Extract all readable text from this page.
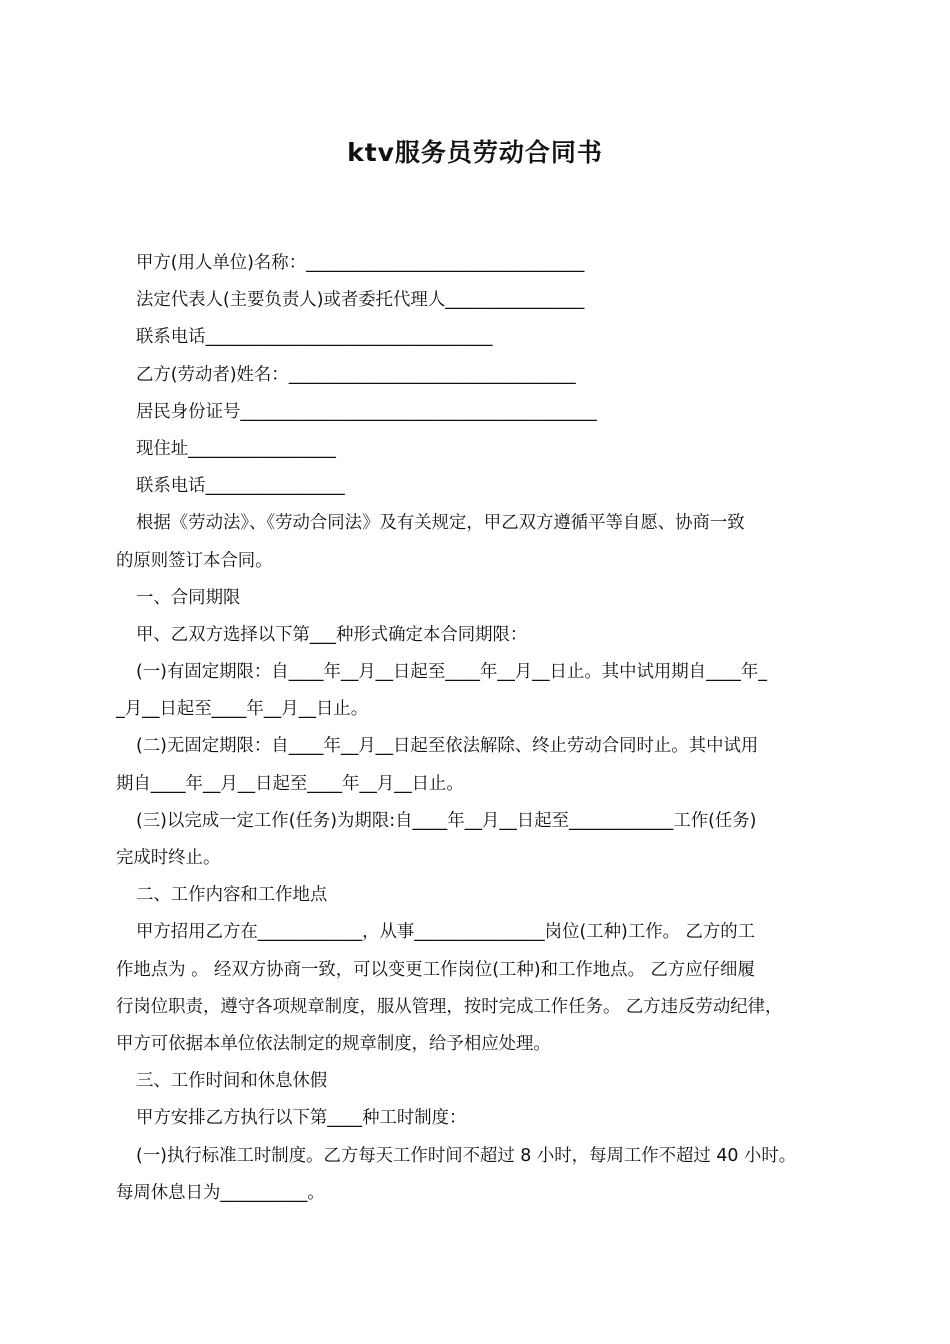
ktv服务员劳动合同书

甲方(用人单位)名称：________________________________

法定代表人(主要负责人)或者委托代理人________________

联系电话_________________________________

乙方(劳动者)姓名：_________________________________

居民身份证号_________________________________________

现住址_________________

联系电话________________

根据《劳动法》、《劳动合同法》及有关规定，甲乙双方遵循平等自愿、协商一致

的原则签订本合同。

一、合同期限

甲、乙双方选择以下第___种形式确定本合同期限：

(一)有固定期限：自____年__月__日起至____年__月__日止。其中试用期自____年_

_月__日起至____年__月__日止。

(二)无固定期限：自____年__月__日起至依法解除、终止劳动合同时止。其中试用

期自____年__月__日起至____年__月__日止。

(三)以完成一定工作(任务)为期限:自____年__月__日起至____________工作(任务)

完成时终止。

二、工作内容和工作地点

甲方招用乙方在____________，从事_______________岗位(工种)工作。 乙方的工

作地点为 。 经双方协商一致，可以变更工作岗位(工种)和工作地点。 乙方应仔细履

行岗位职责，遵守各项规章制度，服从管理，按时完成工作任务。 乙方违反劳动纪律，

甲方可依据本单位依法制定的规章制度，给予相应处理。

三、工作时间和休息休假

甲方安排乙方执行以下第____种工时制度：

(一)执行标准工时制度。乙方每天工作时间不超过 8 小时，每周工作不超过 40 小时。

每周休息日为__________。
